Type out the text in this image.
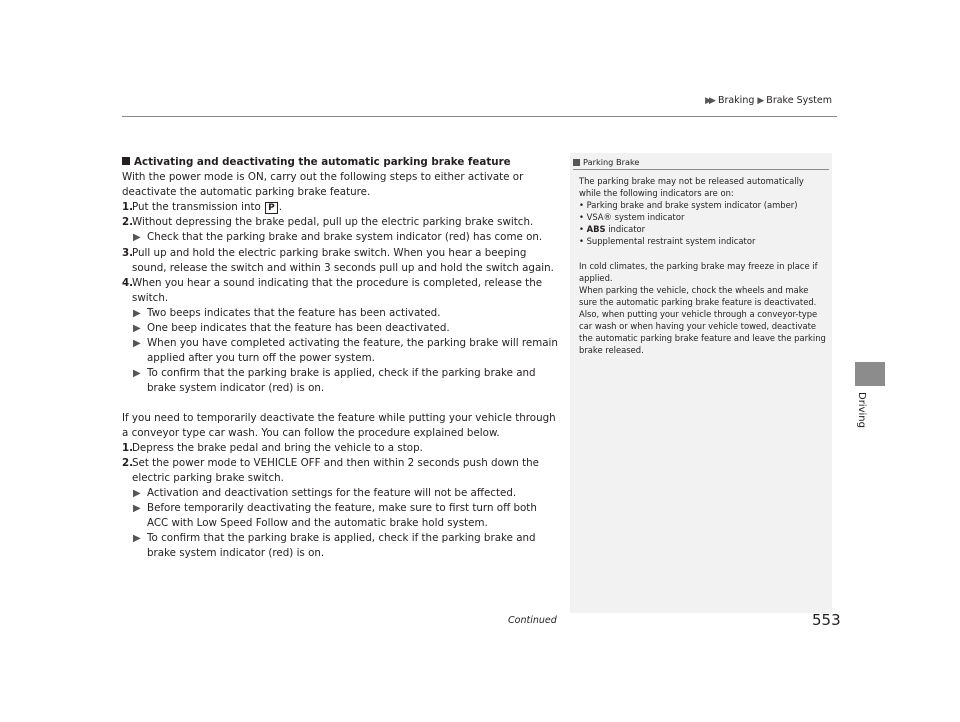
▶▶ Braking ▶ Brake System
Driving

Activating and deactivating the automatic parking brake feature

With the power mode is ON, carry out the following steps to either activate or deactivate the automatic parking brake feature.

1.
Put the transmission into P .
2.
Without depressing the brake pedal, pull up the electric parking brake switch.
▶ Check that the parking brake and brake system indicator (red) has come on.
3.
Pull up and hold the electric parking brake switch. When you hear a beeping sound, release the switch and within 3 seconds pull up and hold the switch again.
4.
When you hear a sound indicating that the procedure is completed, release the switch.
▶ Two beeps indicates that the feature has been activated.
▶ One beep indicates that the feature has been deactivated.
▶ When you have completed activating the feature, the parking brake will remain applied after you turn off the power system.
▶ To confirm that the parking brake is applied, check if the parking brake and brake system indicator (red) is on.

If you need to temporarily deactivate the feature while putting your vehicle through a conveyor type car wash. You can follow the procedure explained below.

1.
Depress the brake pedal and bring the vehicle to a stop.
2.
Set the power mode to VEHICLE OFF and then within 2 seconds push down the electric parking brake switch.
▶ Activation and deactivation settings for the feature will not be affected.
▶ Before temporarily deactivating the feature, make sure to first turn off both ACC with Low Speed Follow and the automatic brake hold system.
▶ To confirm that the parking brake is applied, check if the parking brake and brake system indicator (red) is on.
Parking Brake

The parking brake may not be released automatically while the following indicators are on:

• Parking brake and brake system indicator (amber)

• VSA® system indicator

• ABS indicator

• Supplemental restraint system indicator

In cold climates, the parking brake may freeze in place if applied.

When parking the vehicle, chock the wheels and make sure the automatic parking brake feature is deactivated.

Also, when putting your vehicle through a conveyor-type car wash or when having your vehicle towed, deactivate the automatic parking brake feature and leave the parking brake released.

Continued	553
